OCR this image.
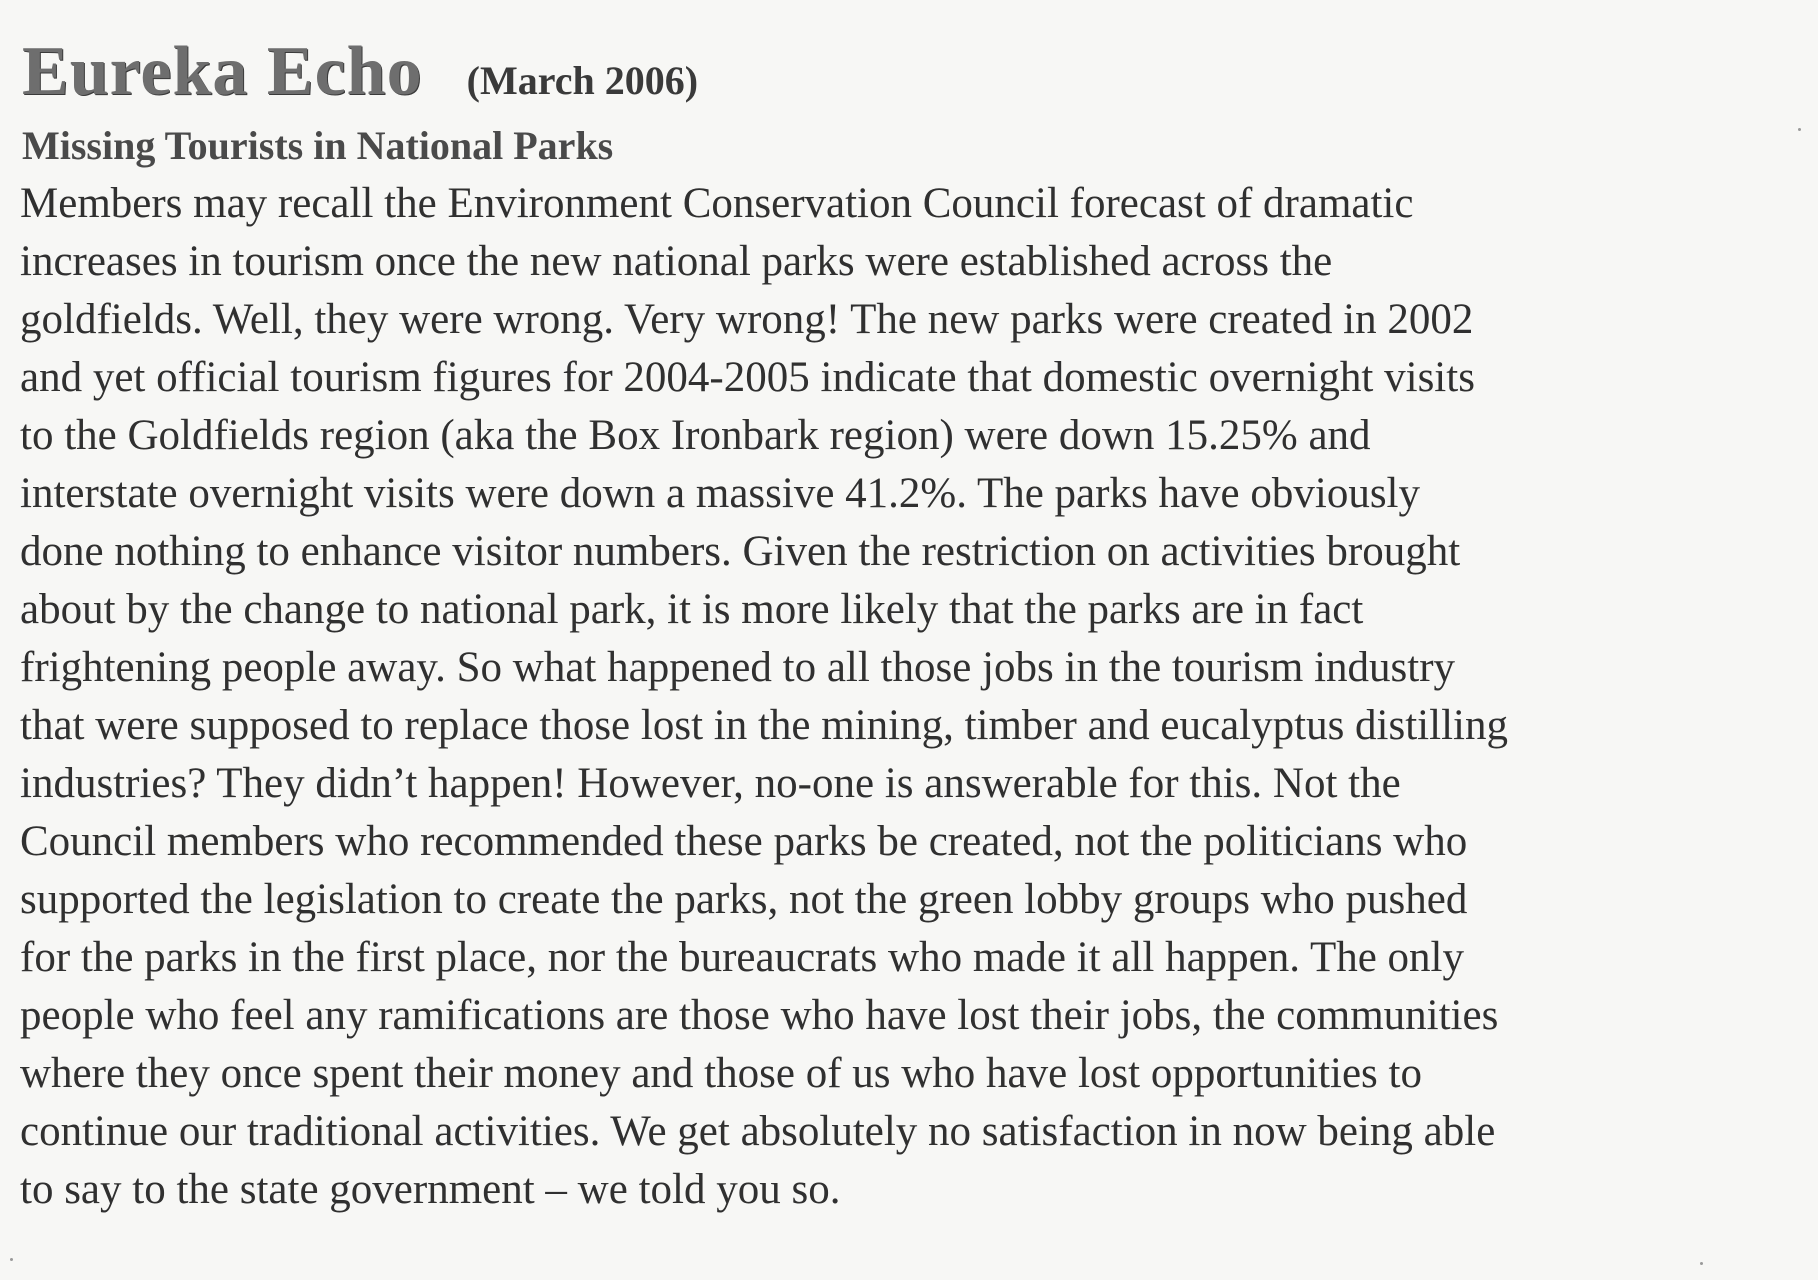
Eureka Echo (March 2006)
Missing Tourists in National Parks
Members may recall the Environment Conservation Council forecast of dramatic
increases in tourism once the new national parks were established across the
goldfields. Well, they were wrong. Very wrong! The new parks were created in 2002
and yet official tourism figures for 2004-2005 indicate that domestic overnight visits
to the Goldfields region (aka the Box Ironbark region) were down 15.25% and
interstate overnight visits were down a massive 41.2%. The parks have obviously
done nothing to enhance visitor numbers. Given the restriction on activities brought
about by the change to national park, it is more likely that the parks are in fact
frightening people away. So what happened to all those jobs in the tourism industry
that were supposed to replace those lost in the mining, timber and eucalyptus distilling
industries? They didn’t happen! However, no-one is answerable for this. Not the
Council members who recommended these parks be created, not the politicians who
supported the legislation to create the parks, not the green lobby groups who pushed
for the parks in the first place, nor the bureaucrats who made it all happen. The only
people who feel any ramifications are those who have lost their jobs, the communities
where they once spent their money and those of us who have lost opportunities to
continue our traditional activities. We get absolutely no satisfaction in now being able
to say to the state government – we told you so.
